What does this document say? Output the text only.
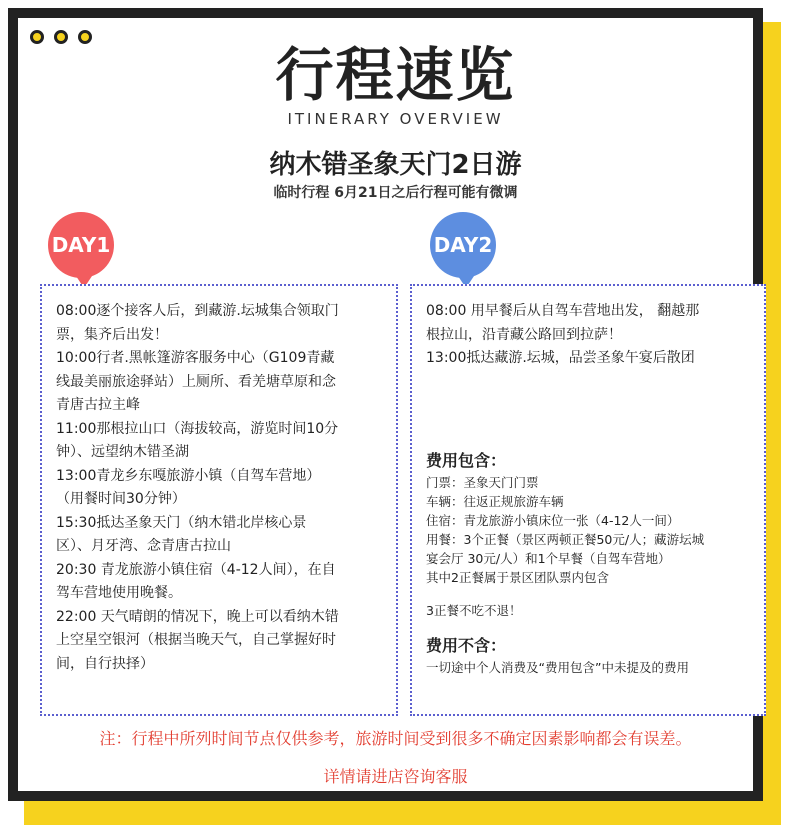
行程速览
ITINERARY OVERVIEW
纳木错圣象天门2日游
临时行程 6月21日之后行程可能有微调
DAY1	DAY2
08:00逐个接客人后，到藏游.坛城集合领取门
票，集齐后出发！
10:00行者.黑帐篷游客服务中心（G109青藏
线最美丽旅途驿站）上厕所、看羌塘草原和念
青唐古拉主峰
11:00那根拉山口（海拔较高，游览时间10分
钟）、远望纳木错圣湖
13:00青龙乡东嘎旅游小镇（自驾车营地）
（用餐时间30分钟）
15:30抵达圣象天门（纳木错北岸核心景
区）、月牙湾、念青唐古拉山
20:30 青龙旅游小镇住宿（4-12人间），在自
驾车营地使用晚餐。
22:00 天气晴朗的情况下，晚上可以看纳木错
上空星空银河（根据当晚天气，自己掌握好时
间，自行抉择）
08:00 用早餐后从自驾车营地出发， 翻越那
根拉山，沿青藏公路回到拉萨！
13:00抵达藏游.坛城，品尝圣象午宴后散团
费用包含：
门票：圣象天门门票
车辆：往返正规旅游车辆
住宿：青龙旅游小镇床位一张（4-12人一间）
用餐：3个正餐（景区两顿正餐50元/人；藏游坛城
宴会厅 30元/人）和1个早餐（自驾车营地）
其中2正餐属于景区团队票内包含
3正餐不吃不退！
费用不含：
一切途中个人消费及“费用包含”中未提及的费用
注：行程中所列时间节点仅供参考，旅游时间受到很多不确定因素影响都会有误差。
详情请进店咨询客服
